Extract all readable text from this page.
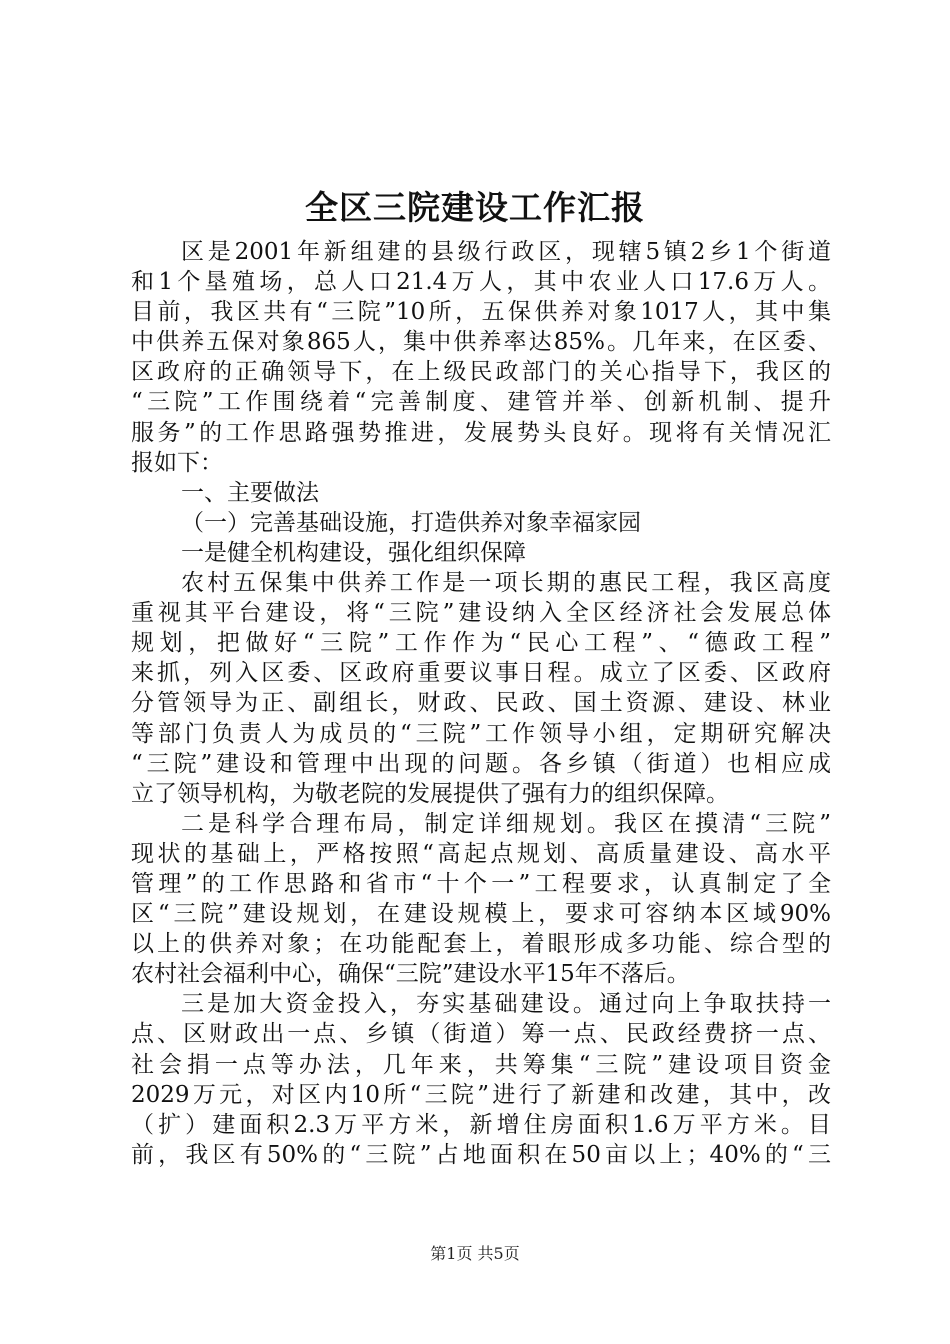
全区三院建设工作汇报
区是2001年新组建的县级行政区，现辖5镇2乡1个街道
和1个垦殖场，总人口21.4万人，其中农业人口17.6万人。
目前，我区共有“三院”10所，五保供养对象1017人，其中集
中供养五保对象865人，集中供养率达85%。几年来，在区委、
区政府的正确领导下，在上级民政部门的关心指导下，我区的
“三院”工作围绕着“完善制度、建管并举、创新机制、提升
服务”的工作思路强势推进，发展势头良好。现将有关情况汇
报如下：
一、主要做法
（一）完善基础设施，打造供养对象幸福家园
一是健全机构建设，强化组织保障
农村五保集中供养工作是一项长期的惠民工程，我区高度
重视其平台建设，将“三院”建设纳入全区经济社会发展总体
规划，把做好“三院”工作作为“民心工程”、“德政工程”
来抓，列入区委、区政府重要议事日程。成立了区委、区政府
分管领导为正、副组长，财政、民政、国土资源、建设、林业
等部门负责人为成员的“三院”工作领导小组，定期研究解决
“三院”建设和管理中出现的问题。各乡镇（街道）也相应成
立了领导机构，为敬老院的发展提供了强有力的组织保障。
二是科学合理布局，制定详细规划。我区在摸清“三院”
现状的基础上，严格按照“高起点规划、高质量建设、高水平
管理”的工作思路和省市“十个一”工程要求，认真制定了全
区“三院”建设规划，在建设规模上，要求可容纳本区域90%
以上的供养对象；在功能配套上，着眼形成多功能、综合型的
农村社会福利中心，确保“三院”建设水平15年不落后。
三是加大资金投入，夯实基础建设。通过向上争取扶持一
点、区财政出一点、乡镇（街道）筹一点、民政经费挤一点、
社会捐一点等办法，几年来，共筹集“三院”建设项目资金
2029万元，对区内10所“三院”进行了新建和改建，其中，改
（扩）建面积2.3万平方米，新增住房面积1.6万平方米。目
前，我区有50%的“三院”占地面积在50亩以上；40%的“三
第1页 共5页
